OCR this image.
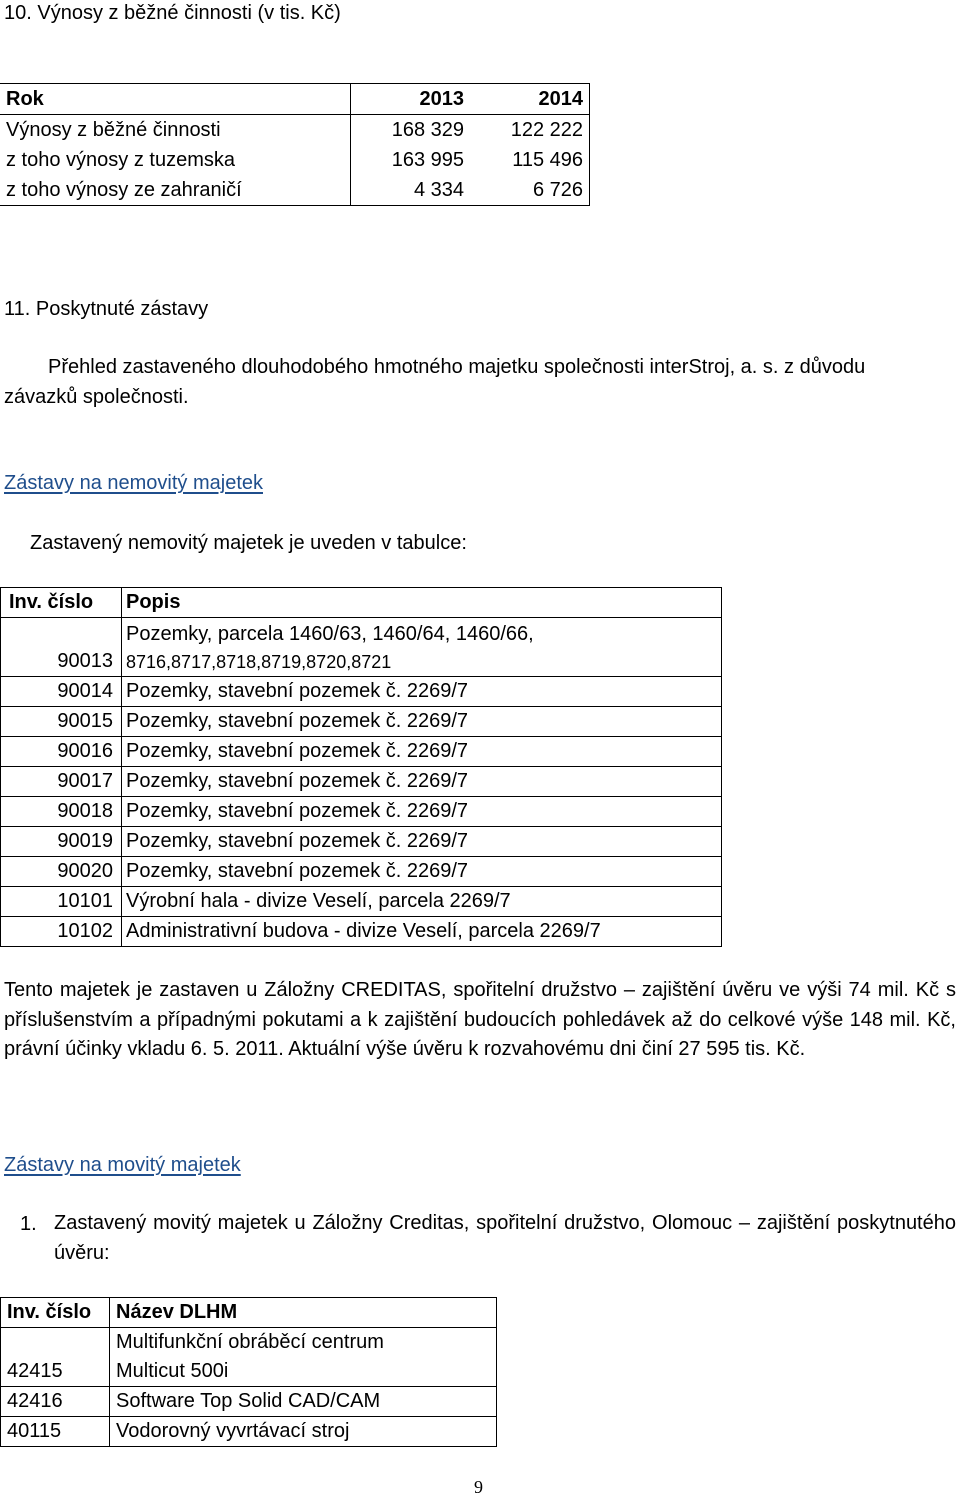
10. Výnosy z běžné činnosti (v tis. Kč)
Rok	2013	2014
Výnosy z běžné činnosti	168 329	122 222
z toho výnosy z tuzemska	163 995	115 496
z toho výnosy ze zahraničí	4 334	6 726
11. Poskytnuté zástavy
Přehled zastaveného dlouhodobého hmotného majetku společnosti interStroj, a. s. z důvodu
závazků společnosti.
Zástavy na nemovitý majetek
Zastavený nemovitý majetek je uveden v tabulce:
Inv. číslo	Popis
90013	Pozemky, parcela 1460/63, 1460/64, 1460/66,
8716,8717,8718,8719,8720,8721

90014	Pozemky, stavební pozemek č. 2269/7
90015	Pozemky, stavební pozemek č. 2269/7
90016	Pozemky, stavební pozemek č. 2269/7
90017	Pozemky, stavební pozemek č. 2269/7
90018	Pozemky, stavební pozemek č. 2269/7
90019	Pozemky, stavební pozemek č. 2269/7
90020	Pozemky, stavební pozemek č. 2269/7
10101	Výrobní hala - divize Veselí, parcela 2269/7
10102	Administrativní budova - divize Veselí, parcela 2269/7
Tento majetek je zastaven u Záložny CREDITAS, spořitelní družstvo – zajištění úvěru ve výši 74 mil. Kč s příslušenstvím a případnými pokutami a k zajištění budoucích pohledávek až do celkové výše 148 mil. Kč, právní účinky vkladu 6. 5. 2011. Aktuální výše úvěru k rozvahovému dni činí 27 595 tis. Kč.
Zástavy na movitý majetek
1. Zastavený movitý majetek u Záložny Creditas, spořitelní družstvo, Olomouc – zajištění poskytnutého úvěru:
Inv. číslo	Název DLHM
42415	Multifunkční obráběcí centrum
Multicut 500i

42416	Software Top Solid CAD/CAM
40115	Vodorovný vyvrtávací stroj
9
